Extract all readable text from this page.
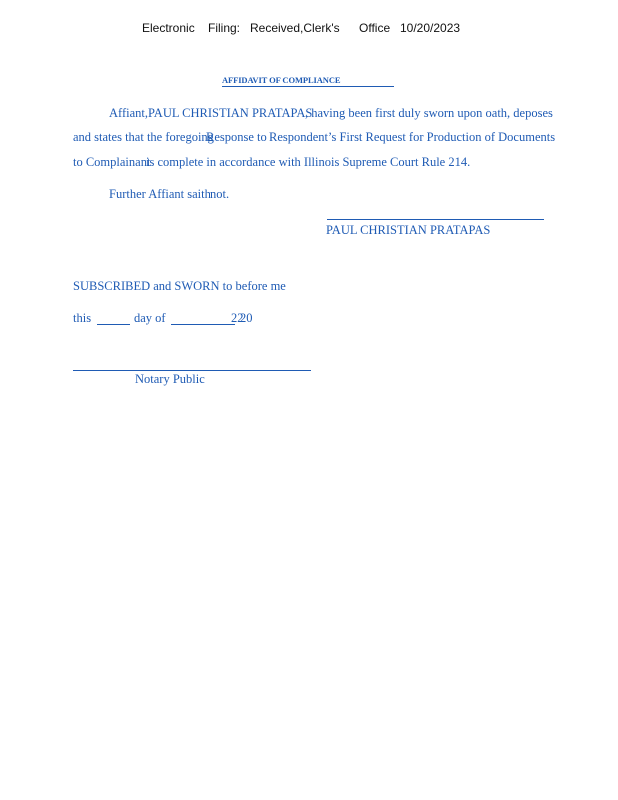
Electronic Filing: Received,Clerk's Office 10/20/2023
AFFIDAVIT OF COMPLIANCE
Affiant, PAUL CHRISTIAN PRATAPAS
, having been first duly sworn upon oath, deposes
and states that the foregoing
Response to Respondent’s First Request for Production of Documents
to Complainant
is complete in accordance with Illinois Supreme Court Rule 214.
Further Affiant saith not.
PAUL CHRISTIAN PRATAPAS
SUBSCRIBED and SWORN to before me
this	day of	22
20
Notary Public
